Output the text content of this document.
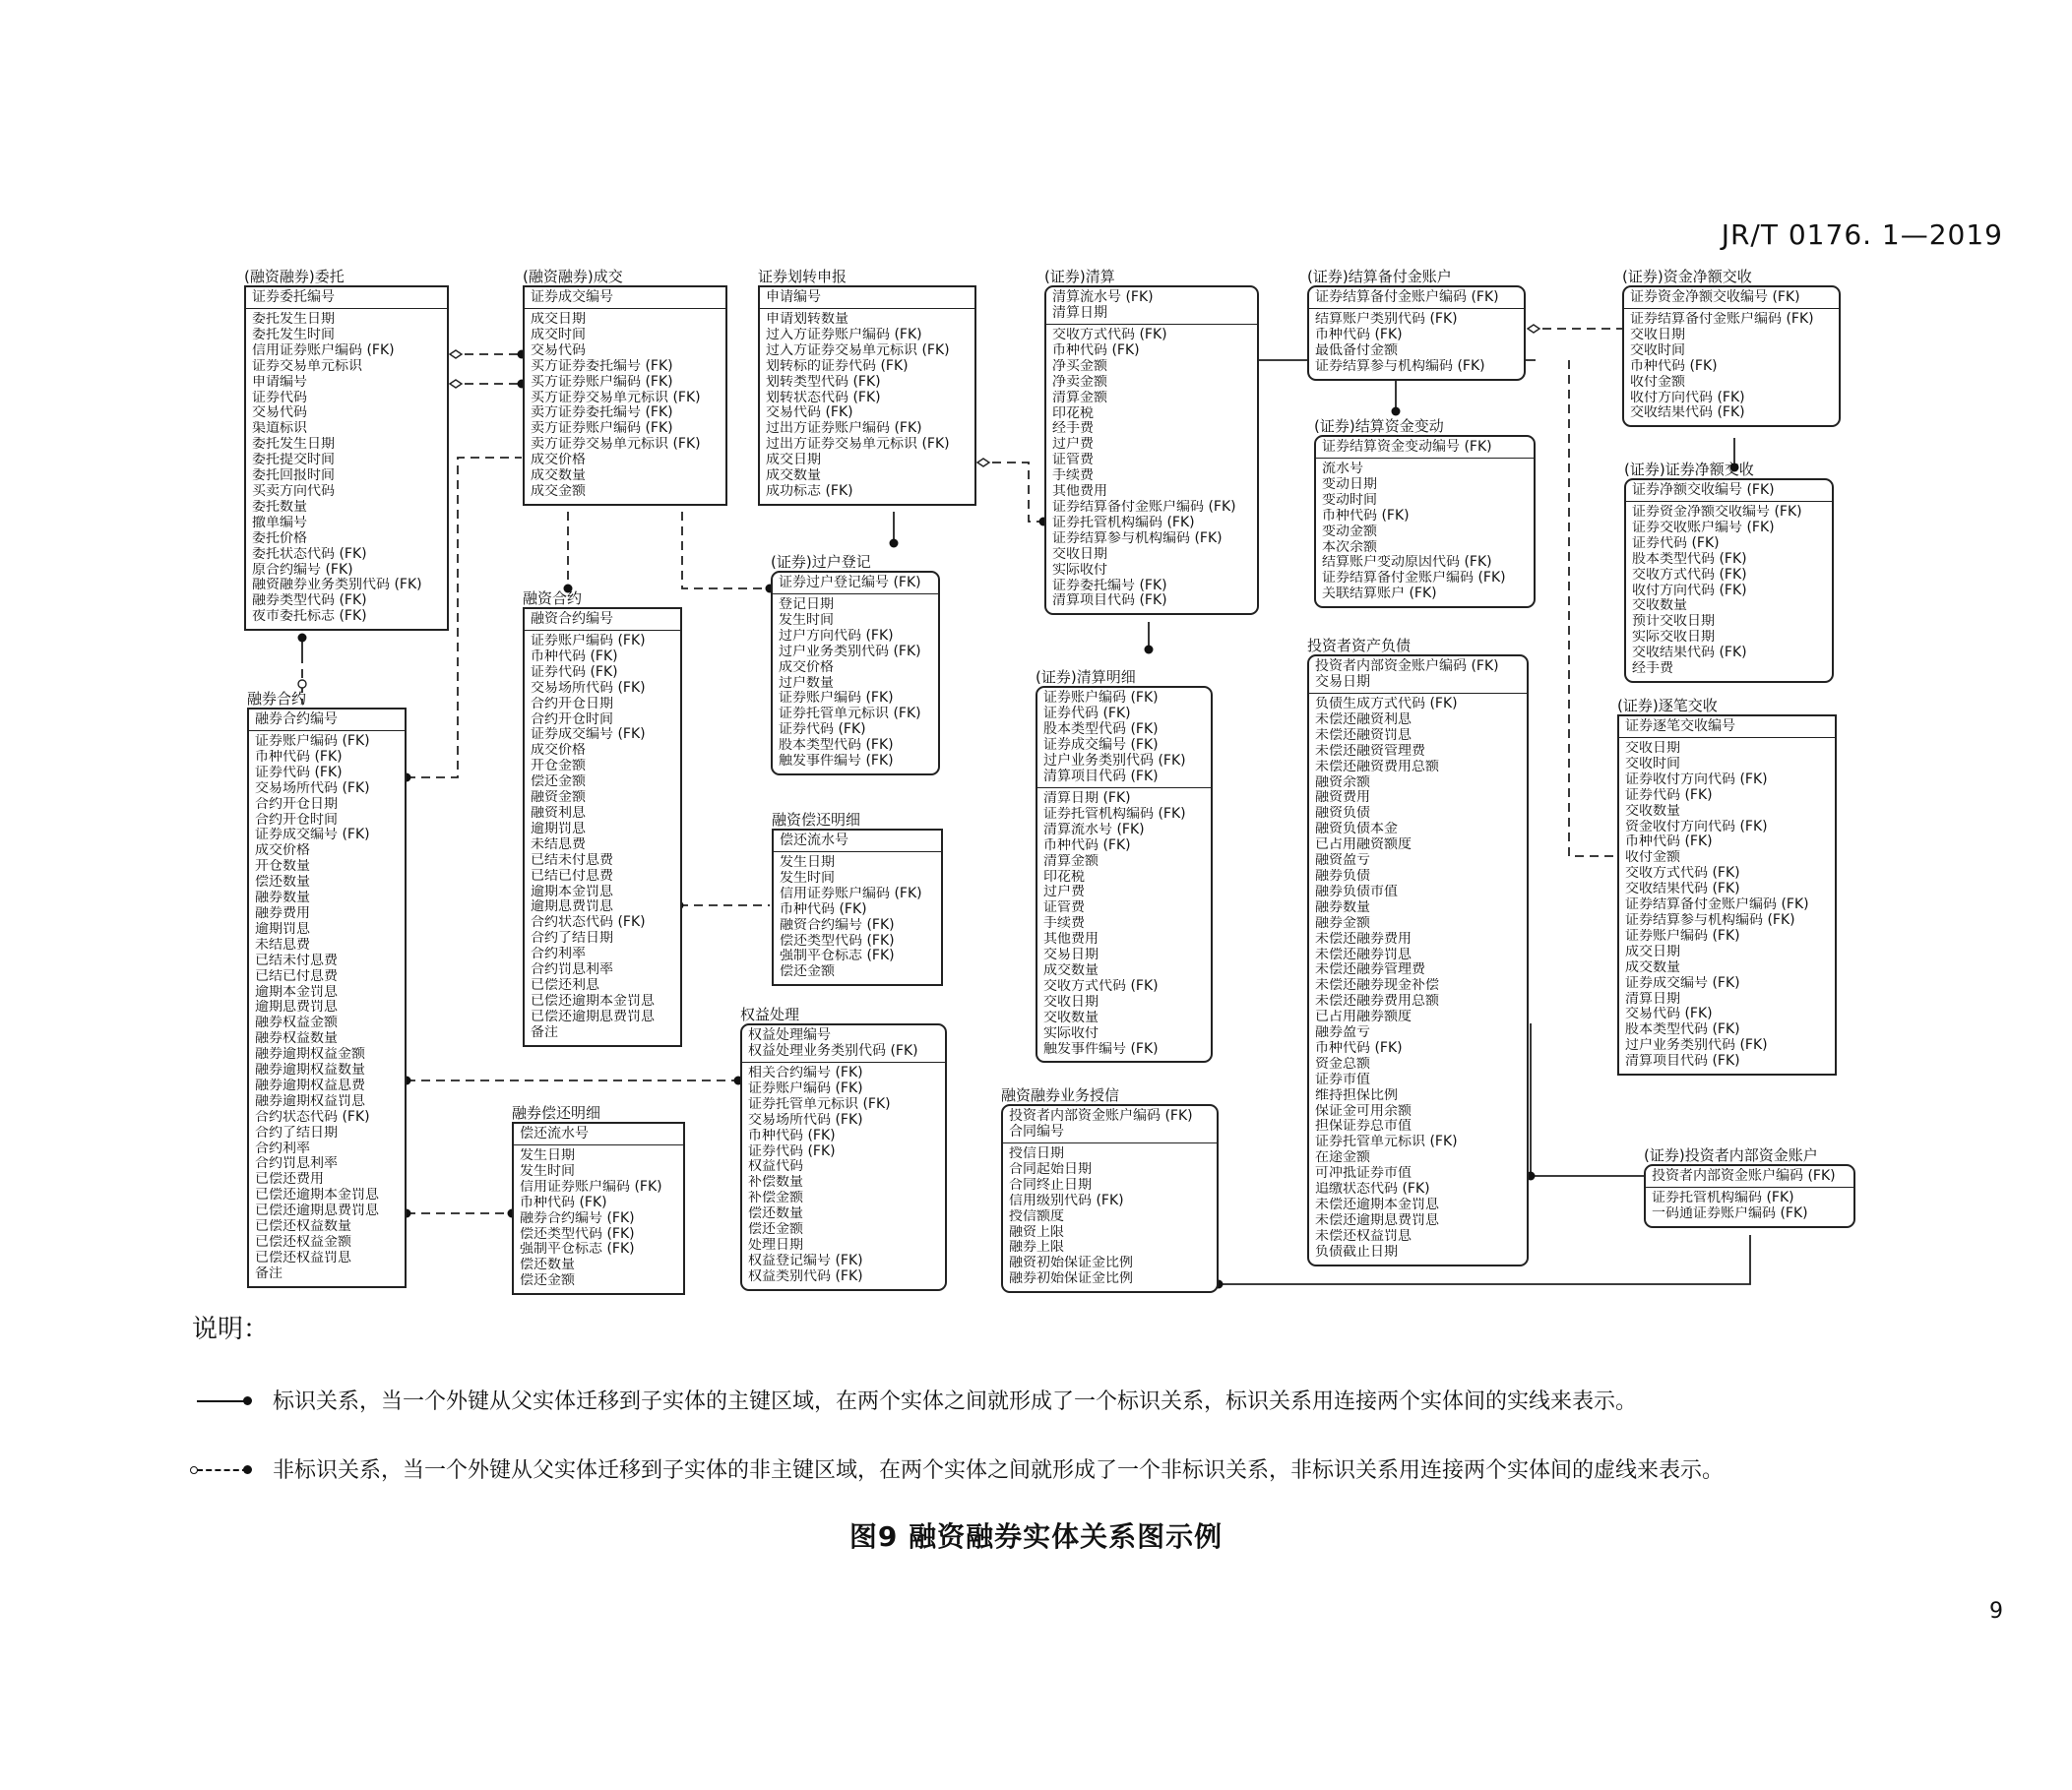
JR/T 0176. 1—2019
(融资融券)委托
证券委托编号
委托发生日期
委托发生时间
信用证券账户编码 (FK)
证券交易单元标识
申请编号
证券代码
交易代码
渠道标识
委托发生日期
委托提交时间
委托回报时间
买卖方向代码
委托数量
撤单编号
委托价格
委托状态代码 (FK)
原合约编号 (FK)
融资融券业务类别代码 (FK)
融券类型代码 (FK)
夜市委托标志 (FK)
(融资融券)成交
证券成交编号
成交日期
成交时间
交易代码
买方证券委托编号 (FK)
买方证券账户编码 (FK)
买方证券交易单元标识 (FK)
卖方证券委托编号 (FK)
卖方证券账户编码 (FK)
卖方证券交易单元标识 (FK)
成交价格
成交数量
成交金额
证券划转申报
申请编号
申请划转数量
过入方证券账户编码 (FK)
过入方证券交易单元标识 (FK)
划转标的证券代码 (FK)
划转类型代码 (FK)
划转状态代码 (FK)
交易代码 (FK)
过出方证券账户编码 (FK)
过出方证券交易单元标识 (FK)
成交日期
成交数量
成功标志 (FK)
(证券)清算
清算流水号 (FK)
清算日期
交收方式代码 (FK)
币种代码 (FK)
净买金额
净卖金额
清算金额
印花税
经手费
过户费
证管费
手续费
其他费用
证券结算备付金账户编码 (FK)
证券托管机构编码 (FK)
证券结算参与机构编码 (FK)
交收日期
实际收付
证券委托编号 (FK)
清算项目代码 (FK)
(证券)结算备付金账户
证券结算备付金账户编码 (FK)
结算账户类别代码 (FK)
币种代码 (FK)
最低备付金额
证券结算参与机构编码 (FK)
(证券)资金净额交收
证券资金净额交收编号 (FK)
证券结算备付金账户编码 (FK)
交收日期
交收时间
币种代码 (FK)
收付金额
收付方向代码 (FK)
交收结果代码 (FK)
(证券)结算资金变动
证券结算资金变动编号 (FK)
流水号
变动日期
变动时间
币种代码 (FK)
变动金额
本次余额
结算账户变动原因代码 (FK)
证券结算备付金账户编码 (FK)
关联结算账户 (FK)
(证券)证券净额交收
证券净额交收编号 (FK)
证券资金净额交收编号 (FK)
证券交收账户编号 (FK)
证券代码 (FK)
股本类型代码 (FK)
交收方式代码 (FK)
收付方向代码 (FK)
交收数量
预计交收日期
实际交收日期
交收结果代码 (FK)
经手费
融券合约
融券合约编号
证券账户编码 (FK)
币种代码 (FK)
证券代码 (FK)
交易场所代码 (FK)
合约开仓日期
合约开仓时间
证券成交编号 (FK)
成交价格
开仓数量
偿还数量
融券数量
融券费用
逾期罚息
未结息费
已结未付息费
已结已付息费
逾期本金罚息
逾期息费罚息
融券权益金额
融券权益数量
融券逾期权益金额
融券逾期权益数量
融券逾期权益息费
融券逾期权益罚息
合约状态代码 (FK)
合约了结日期
合约利率
合约罚息利率
已偿还费用
已偿还逾期本金罚息
已偿还逾期息费罚息
已偿还权益数量
已偿还权益金额
已偿还权益罚息
备注
融资合约
融资合约编号
证券账户编码 (FK)
币种代码 (FK)
证券代码 (FK)
交易场所代码 (FK)
合约开仓日期
合约开仓时间
证券成交编号 (FK)
成交价格
开仓金额
偿还金额
融资金额
融资利息
逾期罚息
未结息费
已结未付息费
已结已付息费
逾期本金罚息
逾期息费罚息
合约状态代码 (FK)
合约了结日期
合约利率
合约罚息利率
已偿还利息
已偿还逾期本金罚息
已偿还逾期息费罚息
备注
(证券)过户登记
证券过户登记编号 (FK)
登记日期
发生时间
过户方向代码 (FK)
过户业务类别代码 (FK)
成交价格
过户数量
证券账户编码 (FK)
证券托管单元标识 (FK)
证券代码 (FK)
股本类型代码 (FK)
触发事件编号 (FK)
融资偿还明细
偿还流水号
发生日期
发生时间
信用证券账户编码 (FK)
币种代码 (FK)
融资合约编号 (FK)
偿还类型代码 (FK)
强制平仓标志 (FK)
偿还金额
权益处理
权益处理编号
权益处理业务类别代码 (FK)
相关合约编号 (FK)
证券账户编码 (FK)
证券托管单元标识 (FK)
交易场所代码 (FK)
币种代码 (FK)
证券代码 (FK)
权益代码
补偿数量
补偿金额
偿还数量
偿还金额
处理日期
权益登记编号 (FK)
权益类别代码 (FK)
融券偿还明细
偿还流水号
发生日期
发生时间
信用证券账户编码 (FK)
币种代码 (FK)
融券合约编号 (FK)
偿还类型代码 (FK)
强制平仓标志 (FK)
偿还数量
偿还金额
(证券)清算明细
证券账户编码 (FK)
证券代码 (FK)
股本类型代码 (FK)
证券成交编号 (FK)
过户业务类别代码 (FK)
清算项目代码 (FK)
清算日期 (FK)
证券托管机构编码 (FK)
清算流水号 (FK)
币种代码 (FK)
清算金额
印花税
过户费
证管费
手续费
其他费用
交易日期
成交数量
交收方式代码 (FK)
交收日期
交收数量
实际收付
触发事件编号 (FK)
融资融券业务授信
投资者内部资金账户编码 (FK)
合同编号
授信日期
合同起始日期
合同终止日期
信用级别代码 (FK)
授信额度
融资上限
融券上限
融资初始保证金比例
融券初始保证金比例
投资者资产负债
投资者内部资金账户编码 (FK)
交易日期
负债生成方式代码 (FK)
未偿还融资利息
未偿还融资罚息
未偿还融资管理费
未偿还融资费用总额
融资余额
融资费用
融资负债
融资负债本金
已占用融资额度
融资盈亏
融券负债
融券负债市值
融券数量
融券金额
未偿还融券费用
未偿还融券罚息
未偿还融券管理费
未偿还融券现金补偿
未偿还融券费用总额
已占用融券额度
融券盈亏
币种代码 (FK)
资金总额
证券市值
维持担保比例
保证金可用余额
担保证券总市值
证券托管单元标识 (FK)
在途金额
可冲抵证券市值
追缴状态代码 (FK)
未偿还逾期本金罚息
未偿还逾期息费罚息
未偿还权益罚息
负债截止日期
(证券)逐笔交收
证券逐笔交收编号
交收日期
交收时间
证券收付方向代码 (FK)
证券代码 (FK)
交收数量
资金收付方向代码 (FK)
币种代码 (FK)
收付金额
交收方式代码 (FK)
交收结果代码 (FK)
证券结算备付金账户编码 (FK)
证券结算参与机构编码 (FK)
证券账户编码 (FK)
成交日期
成交数量
证券成交编号 (FK)
清算日期
交易代码 (FK)
股本类型代码 (FK)
过户业务类别代码 (FK)
清算项目代码 (FK)
(证券)投资者内部资金账户
投资者内部资金账户编码 (FK)
证券托管机构编码 (FK)
一码通证券账户编码 (FK)
说明：
标识关系，当一个外键从父实体迁移到子实体的主键区域，在两个实体之间就形成了一个标识关系，标识关系用连接两个实体间的实线来表示。
非标识关系，当一个外键从父实体迁移到子实体的非主键区域，在两个实体之间就形成了一个非标识关系，非标识关系用连接两个实体间的虚线来表示。
图9 融资融券实体关系图示例
9
